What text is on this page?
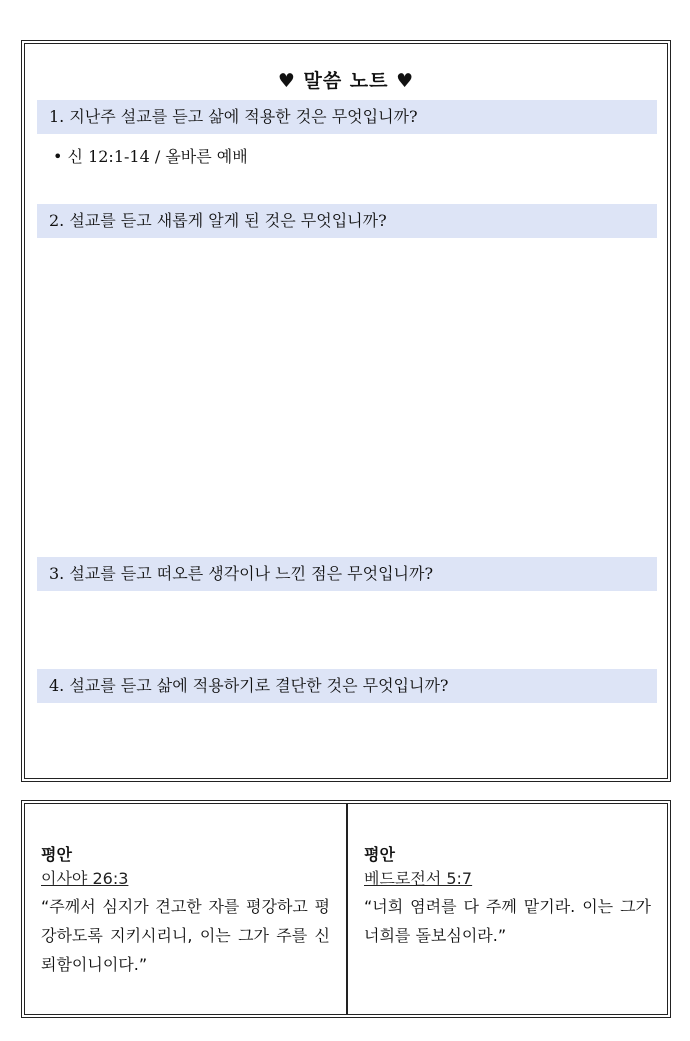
♥ 말씀 노트 ♥
1. 지난주 설교를 듣고 삶에 적용한 것은 무엇입니까?
• 신 12:1-14 / 올바른 예배
2. 설교를 듣고 새롭게 알게 된 것은 무엇입니까?
3. 설교를 듣고 떠오른 생각이나 느낀 점은 무엇입니까?
4. 설교를 듣고 삶에 적용하기로 결단한 것은 무엇입니까?
평안
이사야 26:3
“주께서 심지가 견고한 자를 평강하고 평강하도록 지키시리니, 이는 그가 주를 신뢰함이니이다.”
평안
베드로전서 5:7
“너희 염려를 다 주께 맡기라. 이는 그가 너희를 돌보심이라.”
